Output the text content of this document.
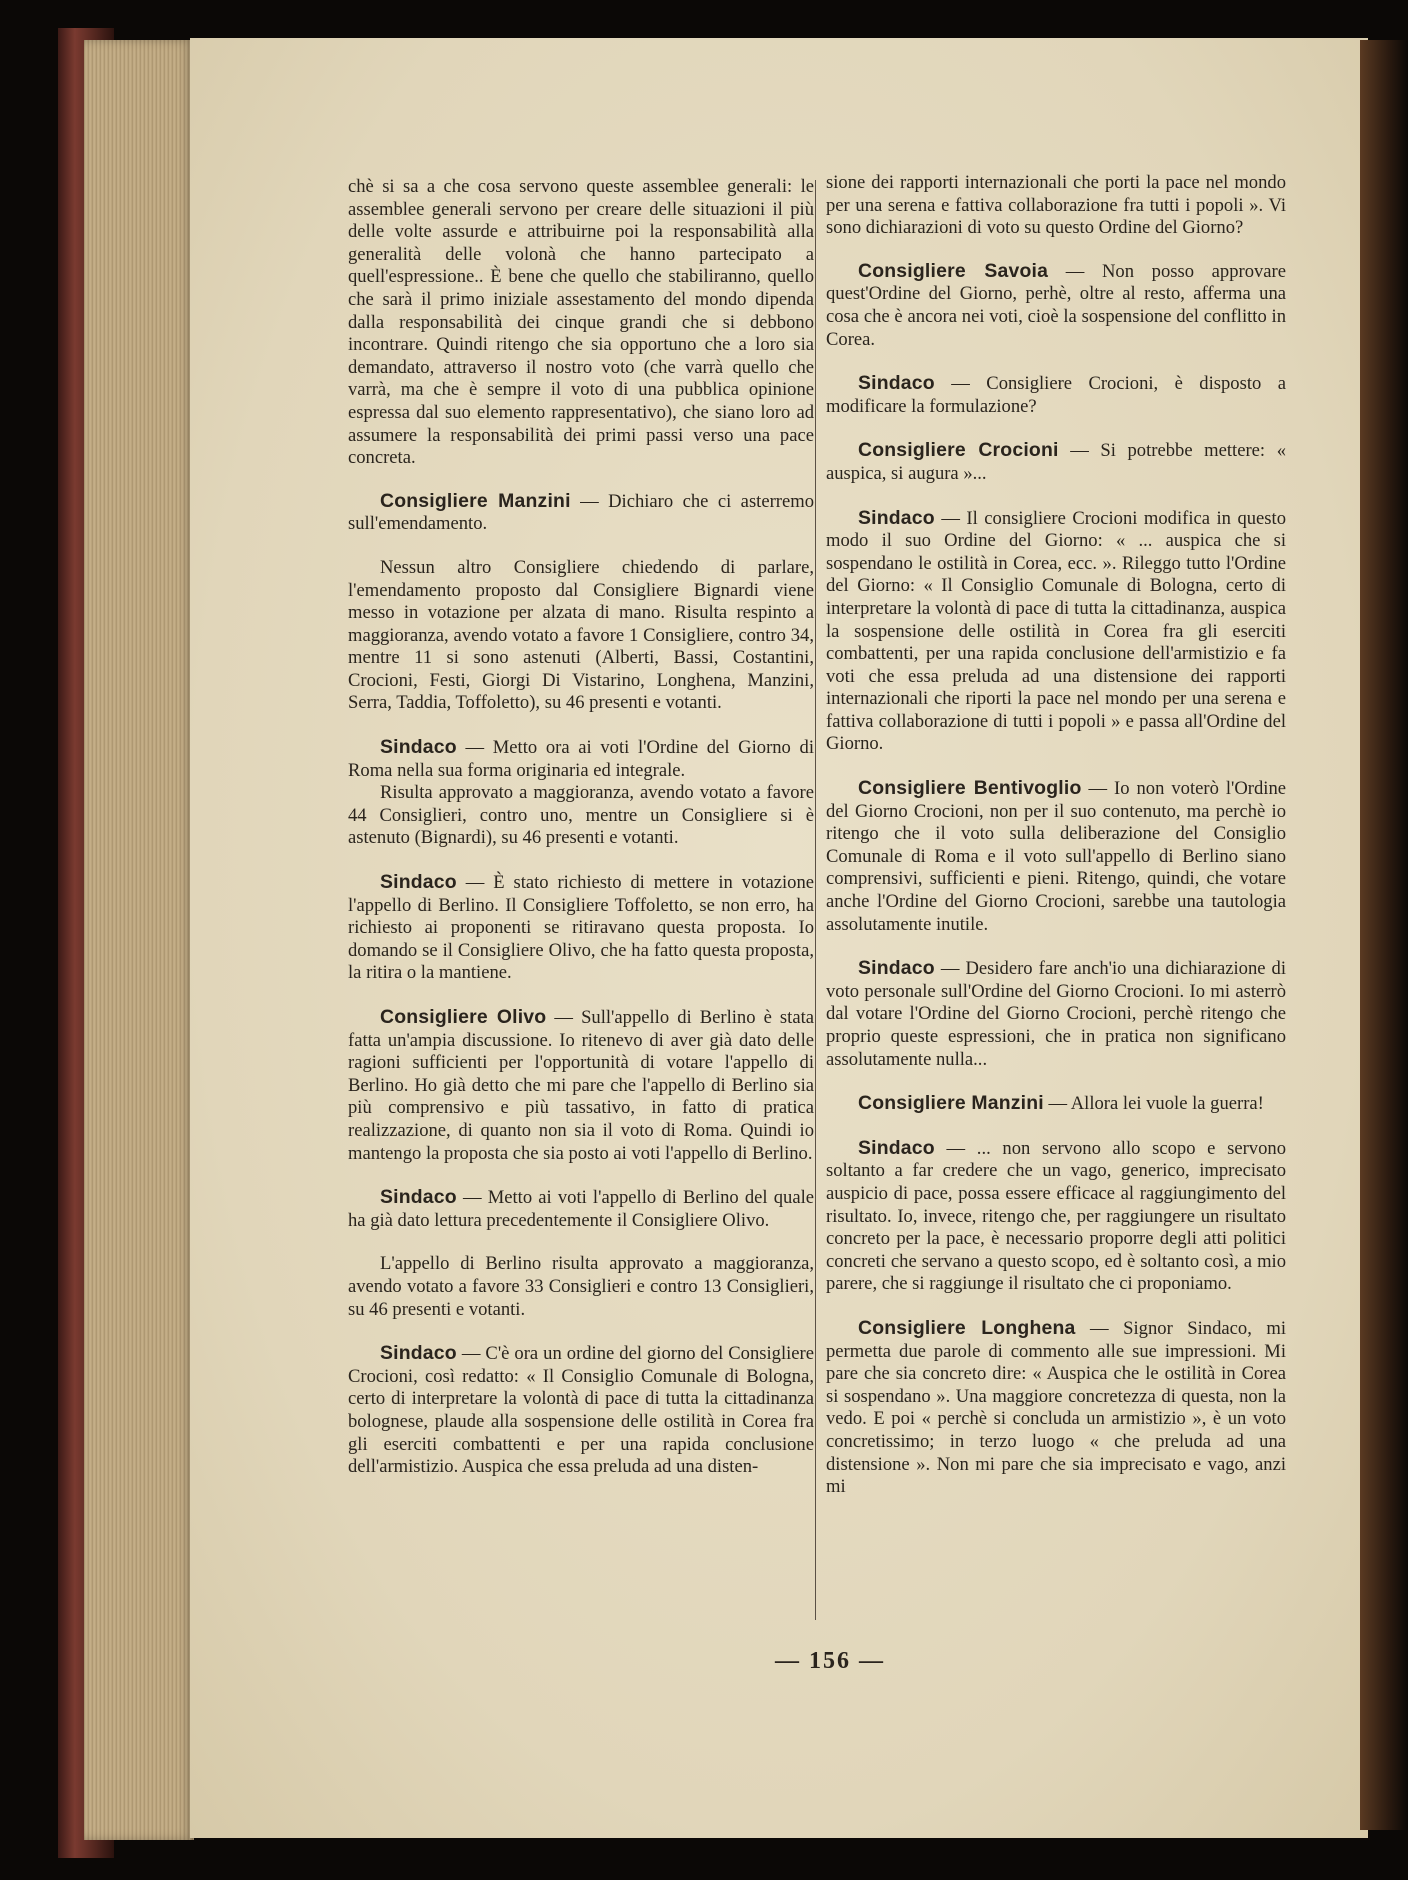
chè si sa a che cosa servono queste assemblee generali: le assemblee generali servono per creare delle situazioni il più delle volte assurde e attribuirne poi la responsabilità alla generalità delle volonà che hanno partecipato a quell'espressione.. È bene che quello che stabiliranno, quello che sarà il primo iniziale assestamento del mondo dipenda dalla responsabilità dei cinque grandi che si debbono incontrare. Quindi ritengo che sia opportuno che a loro sia demandato, attraverso il nostro voto (che varrà quello che varrà, ma che è sempre il voto di una pubblica opinione espressa dal suo elemento rappresentativo), che siano loro ad assumere la responsabilità dei primi passi verso una pace concreta.

Consigliere Manzini — Dichiaro che ci asterremo sull'emendamento.

Nessun altro Consigliere chiedendo di parlare, l'emendamento proposto dal Consigliere Bignardi viene messo in votazione per alzata di mano. Risulta respinto a maggioranza, avendo votato a favore 1 Consigliere, contro 34, mentre 11 si sono astenuti (Alberti, Bassi, Costantini, Crocioni, Festi, Giorgi Di Vistarino, Longhena, Manzini, Serra, Taddia, Toffoletto), su 46 presenti e votanti.

Sindaco — Metto ora ai voti l'Ordine del Giorno di Roma nella sua forma originaria ed integrale.

Risulta approvato a maggioranza, avendo votato a favore 44 Consiglieri, contro uno, mentre un Consigliere si è astenuto (Bignardi), su 46 presenti e votanti.

Sindaco — È stato richiesto di mettere in votazione l'appello di Berlino. Il Consigliere Toffoletto, se non erro, ha richiesto ai proponenti se ritiravano questa proposta. Io domando se il Consigliere Olivo, che ha fatto questa proposta, la ritira o la mantiene.

Consigliere Olivo — Sull'appello di Berlino è stata fatta un'ampia discussione. Io ritenevo di aver già dato delle ragioni sufficienti per l'opportunità di votare l'appello di Berlino. Ho già detto che mi pare che l'appello di Berlino sia più comprensivo e più tassativo, in fatto di pratica realizzazione, di quanto non sia il voto di Roma. Quindi io mantengo la proposta che sia posto ai voti l'appello di Berlino.

Sindaco — Metto ai voti l'appello di Berlino del quale ha già dato lettura precedentemente il Consigliere Olivo.

L'appello di Berlino risulta approvato a maggioranza, avendo votato a favore 33 Consiglieri e contro 13 Consiglieri, su 46 presenti e votanti.

Sindaco — C'è ora un ordine del giorno del Consigliere Crocioni, così redatto: « Il Consiglio Comunale di Bologna, certo di interpretare la volontà di pace di tutta la cittadinanza bolognese, plaude alla sospensione delle ostilità in Corea fra gli eserciti combattenti e per una rapida conclusione dell'armistizio. Auspica che essa preluda ad una disten-

sione dei rapporti internazionali che porti la pace nel mondo per una serena e fattiva collaborazione fra tutti i popoli ». Vi sono dichiarazioni di voto su questo Ordine del Giorno?

Consigliere Savoia — Non posso approvare quest'Ordine del Giorno, perhè, oltre al resto, afferma una cosa che è ancora nei voti, cioè la sospensione del conflitto in Corea.

Sindaco — Consigliere Crocioni, è disposto a modificare la formulazione?

Consigliere Crocioni — Si potrebbe mettere: « auspica, si augura »...

Sindaco — Il consigliere Crocioni modifica in questo modo il suo Ordine del Giorno: « ... auspica che si sospendano le ostilità in Corea, ecc. ». Rileggo tutto l'Ordine del Giorno: « Il Consiglio Comunale di Bologna, certo di interpretare la volontà di pace di tutta la cittadinanza, auspica la sospensione delle ostilità in Corea fra gli eserciti combattenti, per una rapida conclusione dell'armistizio e fa voti che essa preluda ad una distensione dei rapporti internazionali che riporti la pace nel mondo per una serena e fattiva collaborazione di tutti i popoli » e passa all'Ordine del Giorno.

Consigliere Bentivoglio — Io non voterò l'Ordine del Giorno Crocioni, non per il suo contenuto, ma perchè io ritengo che il voto sulla deliberazione del Consiglio Comunale di Roma e il voto sull'appello di Berlino siano comprensivi, sufficienti e pieni. Ritengo, quindi, che votare anche l'Ordine del Giorno Crocioni, sarebbe una tautologia assolutamente inutile.

Sindaco — Desidero fare anch'io una dichiarazione di voto personale sull'Ordine del Giorno Crocioni. Io mi asterrò dal votare l'Ordine del Giorno Crocioni, perchè ritengo che proprio queste espressioni, che in pratica non significano assolutamente nulla...

Consigliere Manzini — Allora lei vuole la guerra!

Sindaco — ... non servono allo scopo e servono soltanto a far credere che un vago, generico, imprecisato auspicio di pace, possa essere efficace al raggiungimento del risultato. Io, invece, ritengo che, per raggiungere un risultato concreto per la pace, è necessario proporre degli atti politici concreti che servano a questo scopo, ed è soltanto così, a mio parere, che si raggiunge il risultato che ci proponiamo.

Consigliere Longhena — Signor Sindaco, mi permetta due parole di commento alle sue impressioni. Mi pare che sia concreto dire: « Auspica che le ostilità in Corea si sospendano ». Una maggiore concretezza di questa, non la vedo. E poi « perchè si concluda un armistizio », è un voto concretissimo; in terzo luogo « che preluda ad una distensione ». Non mi pare che sia imprecisato e vago, anzi mi

— 156 —
